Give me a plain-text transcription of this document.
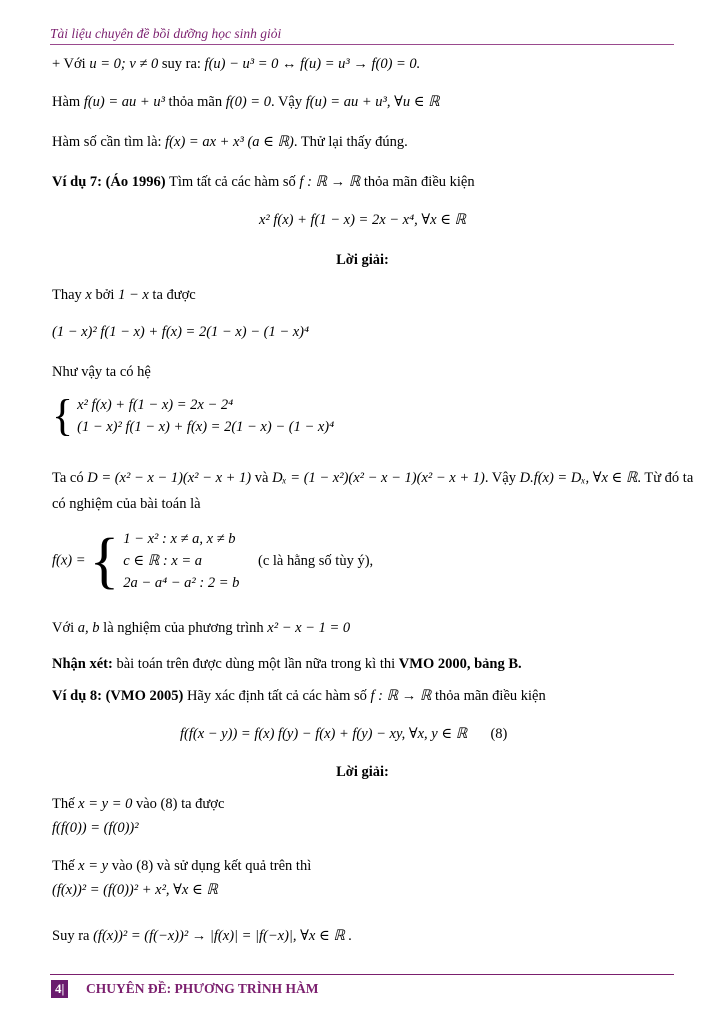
Tài liệu chuyên đề bồi dưỡng học sinh giỏi
+ Với u = 0; v ≠ 0 suy ra: f(u) − u³ = 0 ↔ f(u) = u³ → f(0) = 0.
Hàm f(u) = au + u³ thỏa mãn f(0) = 0. Vậy f(u) = au + u³, ∀u ∈ ℝ
Hàm số cần tìm là: f(x) = ax + x³ (a ∈ ℝ). Thử lại thấy đúng.
Ví dụ 7: (Áo 1996) Tìm tất cả các hàm số f : ℝ → ℝ thỏa mãn điều kiện
x² f(x) + f(1 − x) = 2x − x⁴, ∀x ∈ ℝ
Lời giải:
Thay x bởi 1 − x ta được
(1 − x)² f(1 − x) + f(x) = 2(1 − x) − (1 − x)⁴
Như vậy ta có hệ
{ x² f(x) + f(1 − x) = 2x − 2⁴
(1 − x)² f(1 − x) + f(x) = 2(1 − x) − (1 − x)⁴
Ta có D = (x² − x − 1)(x² − x + 1) và Dₓ = (1 − x²)(x² − x − 1)(x² − x + 1). Vậy D.f(x) = Dₓ, ∀x ∈ ℝ. Từ đó ta
có nghiệm của bài toán là
f(x) = { 1 − x² : x ≠ a, x ≠ b
c ∈ ℝ : x = a	(c là hằng số tùy ý),
2a − a⁴ − a² : 2 = b
Với a, b là nghiệm của phương trình x² − x − 1 = 0
Nhận xét: bài toán trên được dùng một lần nữa trong kì thi VMO 2000, bảng B.
Ví dụ 8: (VMO 2005) Hãy xác định tất cả các hàm số f : ℝ → ℝ thỏa mãn điều kiện
f(f(x − y)) = f(x) f(y) − f(x) + f(y) − xy, ∀x, y ∈ ℝ (8)
Lời giải:
Thế x = y = 0 vào (8) ta được
f(f(0)) = (f(0))²
Thế x = y vào (8) và sử dụng kết quả trên thì
(f(x))² = (f(0))² + x², ∀x ∈ ℝ
Suy ra (f(x))² = (f(−x))² → |f(x)| = |f(−x)|, ∀x ∈ ℝ .
4| CHUYÊN ĐỀ: PHƯƠNG TRÌNH HÀM
